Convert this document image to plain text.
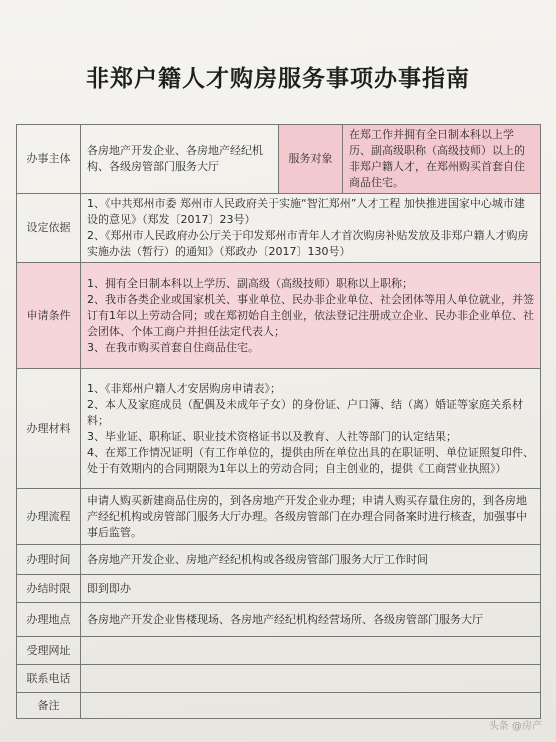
非郑户籍人才购房服务事项办事指南
办事主体	各房地产开发企业、各房地产经纪机构、各级房管部门服务大厅	服务对象	在郑工作并拥有全日制本科以上学历、副高级职称（高级技师）以上的非郑户籍人才，在郑州购买首套自住商品住宅。
设定依据	1、《中共郑州市委 郑州市人民政府关于实施“智汇郑州”人才工程 加快推进国家中心城市建设的意见》（郑发〔2017〕23号）
2、《郑州市人民政府办公厅关于印发郑州市青年人才首次购房补贴发放及非郑户籍人才购房实施办法（暂行）的通知》（郑政办〔2017〕130号）		

申请条件	1、拥有全日制本科以上学历、副高级（高级技师）职称以上职称；
2、我市各类企业或国家机关、事业单位、民办非企业单位、社会团体等用人单位就业，并签订有1年以上劳动合同；或在郑初始自主创业，依法登记注册成立企业、民办非企业单位、社会团体、个体工商户并担任法定代表人；
3、在我市购买首套自住商品住宅。		

办理材料	1、《非郑州户籍人才安居购房申请表》；
2、本人及家庭成员（配偶及未成年子女）的身份证、户口簿、结（离）婚证等家庭关系材料；
3、毕业证、职称证、职业技术资格证书以及教育、人社等部门的认定结果；
4、在郑工作情况证明（有工作单位的，提供由所在单位出具的在职证明、单位证照复印件、处于有效期内的合同期限为1年以上的劳动合同；自主创业的，提供《工商营业执照》）		

办理流程	申请人购买新建商品住房的，到各房地产开发企业办理；申请人购买存量住房的，到各房地产经纪机构或房管部门服务大厅办理。各级房管部门在办理合同备案时进行核查，加强事中事后监管。		
办理时间	各房地产开发企业、房地产经纪机构或各级房管部门服务大厅工作时间		
办结时限	即到即办		
办理地点	各房地产开发企业售楼现场、各房地产经纪机构经营场所、各级房管部门服务大厅		
受理网址			
联系电话			
备注			
头条 @房产
